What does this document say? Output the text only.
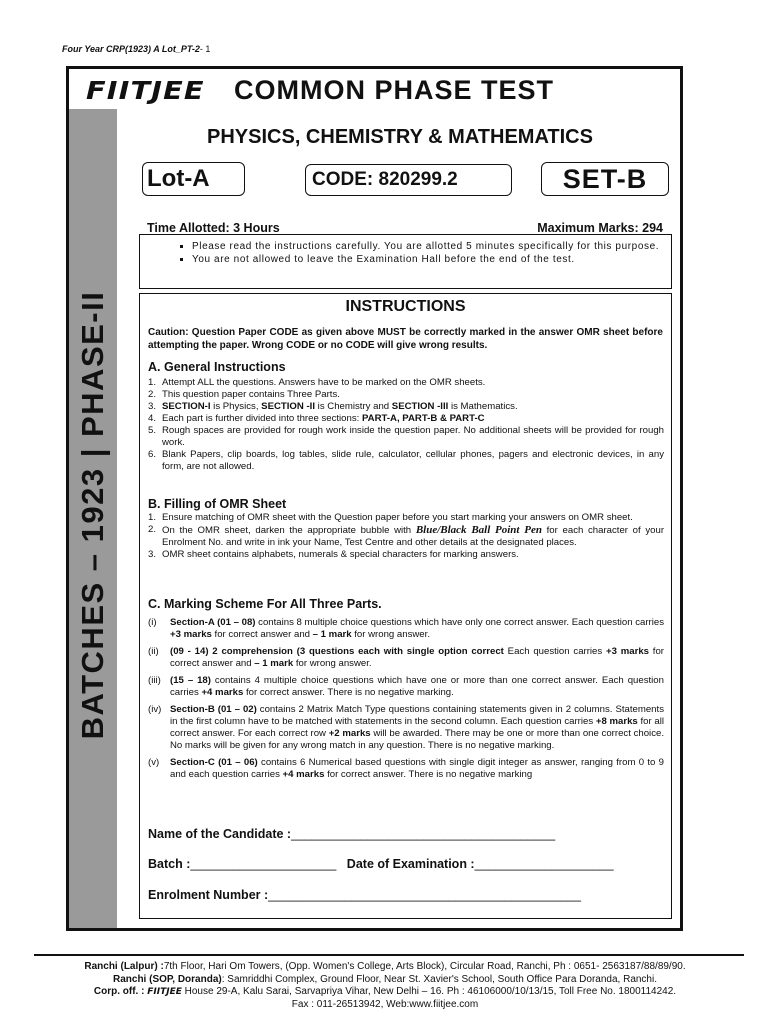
Four Year CRP(1923) A Lot_PT-2- 1
BATCHES – 1923 | PHASE-II
FIITJEE COMMON PHASE TEST
PHYSICS, CHEMISTRY & MATHEMATICS
Lot-A	CODE: 820299.2	SET-B
Time Allotted: 3 Hours	Maximum Marks: 294
▪ Please read the instructions carefully. You are allotted 5 minutes specifically for this purpose.
▪ You are not allowed to leave the Examination Hall before the end of the test.
INSTRUCTIONS
Caution: Question Paper CODE as given above MUST be correctly marked in the answer OMR sheet before attempting the paper. Wrong CODE or no CODE will give wrong results.
A. General Instructions
1. Attempt ALL the questions. Answers have to be marked on the OMR sheets.
2. This question paper contains Three Parts.
3. SECTION-I is Physics, SECTION -II is Chemistry and SECTION -III is Mathematics.
4. Each part is further divided into three sections: PART-A, PART-B & PART-C
5. Rough spaces are provided for rough work inside the question paper. No additional sheets will be provided for rough work.
6. Blank Papers, clip boards, log tables, slide rule, calculator, cellular phones, pagers and electronic devices, in any form, are not allowed.
B. Filling of OMR Sheet
1. Ensure matching of OMR sheet with the Question paper before you start marking your answers on OMR sheet.
2. On the OMR sheet, darken the appropriate bubble with Blue/Black Ball Point Pen for each character of your Enrolment No. and write in ink your Name, Test Centre and other details at the designated places.
3. OMR sheet contains alphabets, numerals & special characters for marking answers.
C. Marking Scheme For All Three Parts.
(i) Section-A (01 – 08) contains 8 multiple choice questions which have only one correct answer. Each question carries +3 marks for correct answer and – 1 mark for wrong answer.
(ii) (09 - 14) 2 comprehension (3 questions each with single option correct Each question carries +3 marks for correct answer and – 1 mark for wrong answer.
(iii) (15 – 18) contains 4 multiple choice questions which have one or more than one correct answer. Each question carries +4 marks for correct answer. There is no negative marking.
(iv) Section-B (01 – 02) contains 2 Matrix Match Type questions containing statements given in 2 columns. Statements in the first column have to be matched with statements in the second column. Each question carries +8 marks for all correct answer. For each correct row +2 marks will be awarded. There may be one or more than one correct choice. No marks will be given for any wrong match in any question. There is no negative marking.
(v) Section-C (01 – 06) contains 6 Numerical based questions with single digit integer as answer, ranging from 0 to 9 and each question carries +4 marks for correct answer. There is no negative marking
Name of the Candidate :______________________________________
Batch :_____________________ Date of Examination :____________________
Enrolment Number :_____________________________________________
Ranchi (Lalpur) :7th Floor, Hari Om Towers, (Opp. Women's College, Arts Block), Circular Road, Ranchi, Ph : 0651- 2563187/88/89/90.
Ranchi (SOP, Doranda): Samriddhi Complex, Ground Floor, Near St. Xavier's School, South Office Para Doranda, Ranchi.
Corp. off. : FIITJEE House 29-A, Kalu Sarai, Sarvapriya Vihar, New Delhi – 16. Ph : 46106000/10/13/15, Toll Free No. 1800114242.
Fax : 011-26513942, Web:www.fiitjee.com
